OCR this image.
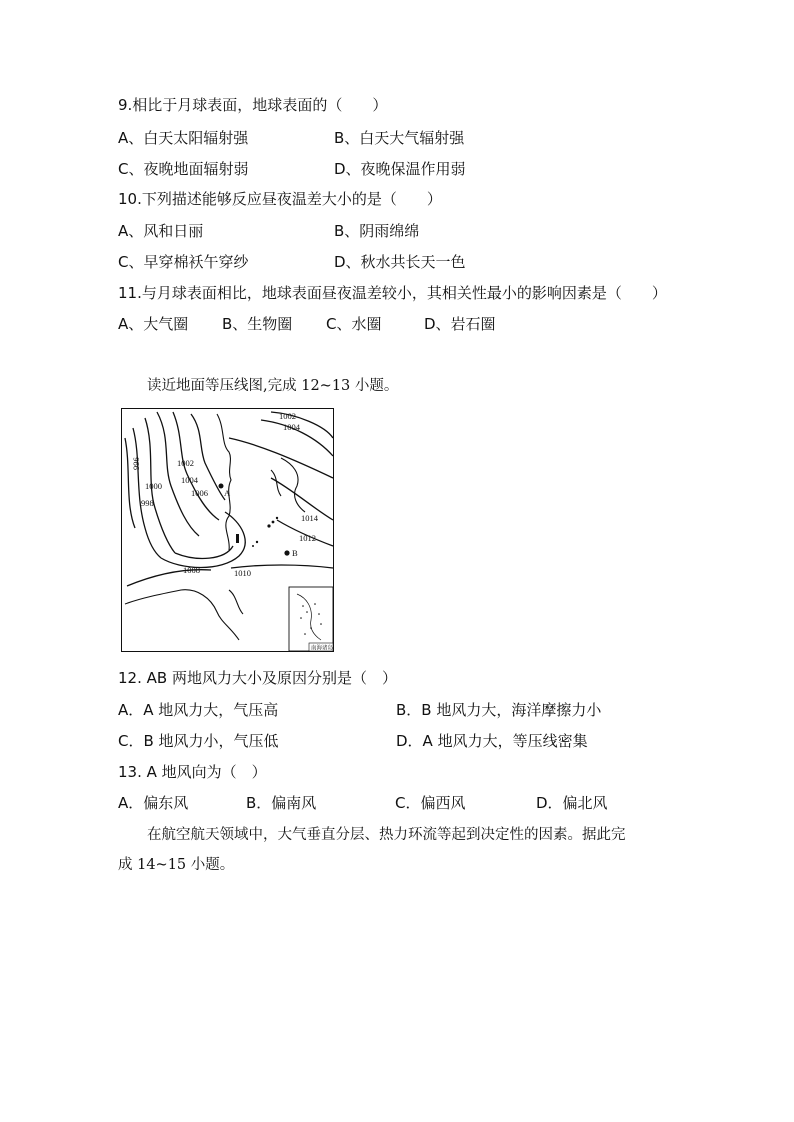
9.相比于月球表面，地球表面的（　　）
A、白天太阳辐射强	B、白天大气辐射强
C、夜晚地面辐射弱	D、夜晚保温作用弱
10.下列描述能够反应昼夜温差大小的是（　　）
A、风和日丽	B、阴雨绵绵
C、早穿棉袄午穿纱	D、秋水共长天一色
11.与月球表面相比，地球表面昼夜温差较小，其相关性最小的影响因素是（　　）
A、大气圈 B、生物圈 C、水圈	D、岩石圈
读近地面等压线图,完成 12~13 小题。
A
B
996
998
1000
1002
1002
1004
1004
1006
1008	1010
1012
1014
南海诸岛
12. AB 两地风力大小及原因分别是（　）
A．A 地风力大，气压高	B．B 地风力大，海洋摩擦力小
C．B 地风力小，气压低	D．A 地风力大，等压线密集
13. A 地风向为（　）
A．偏东风	B．偏南风	C．偏西风	D．偏北风
在航空航天领域中，大气垂直分层、热力环流等起到决定性的因素。据此完
成 14~15 小题。
